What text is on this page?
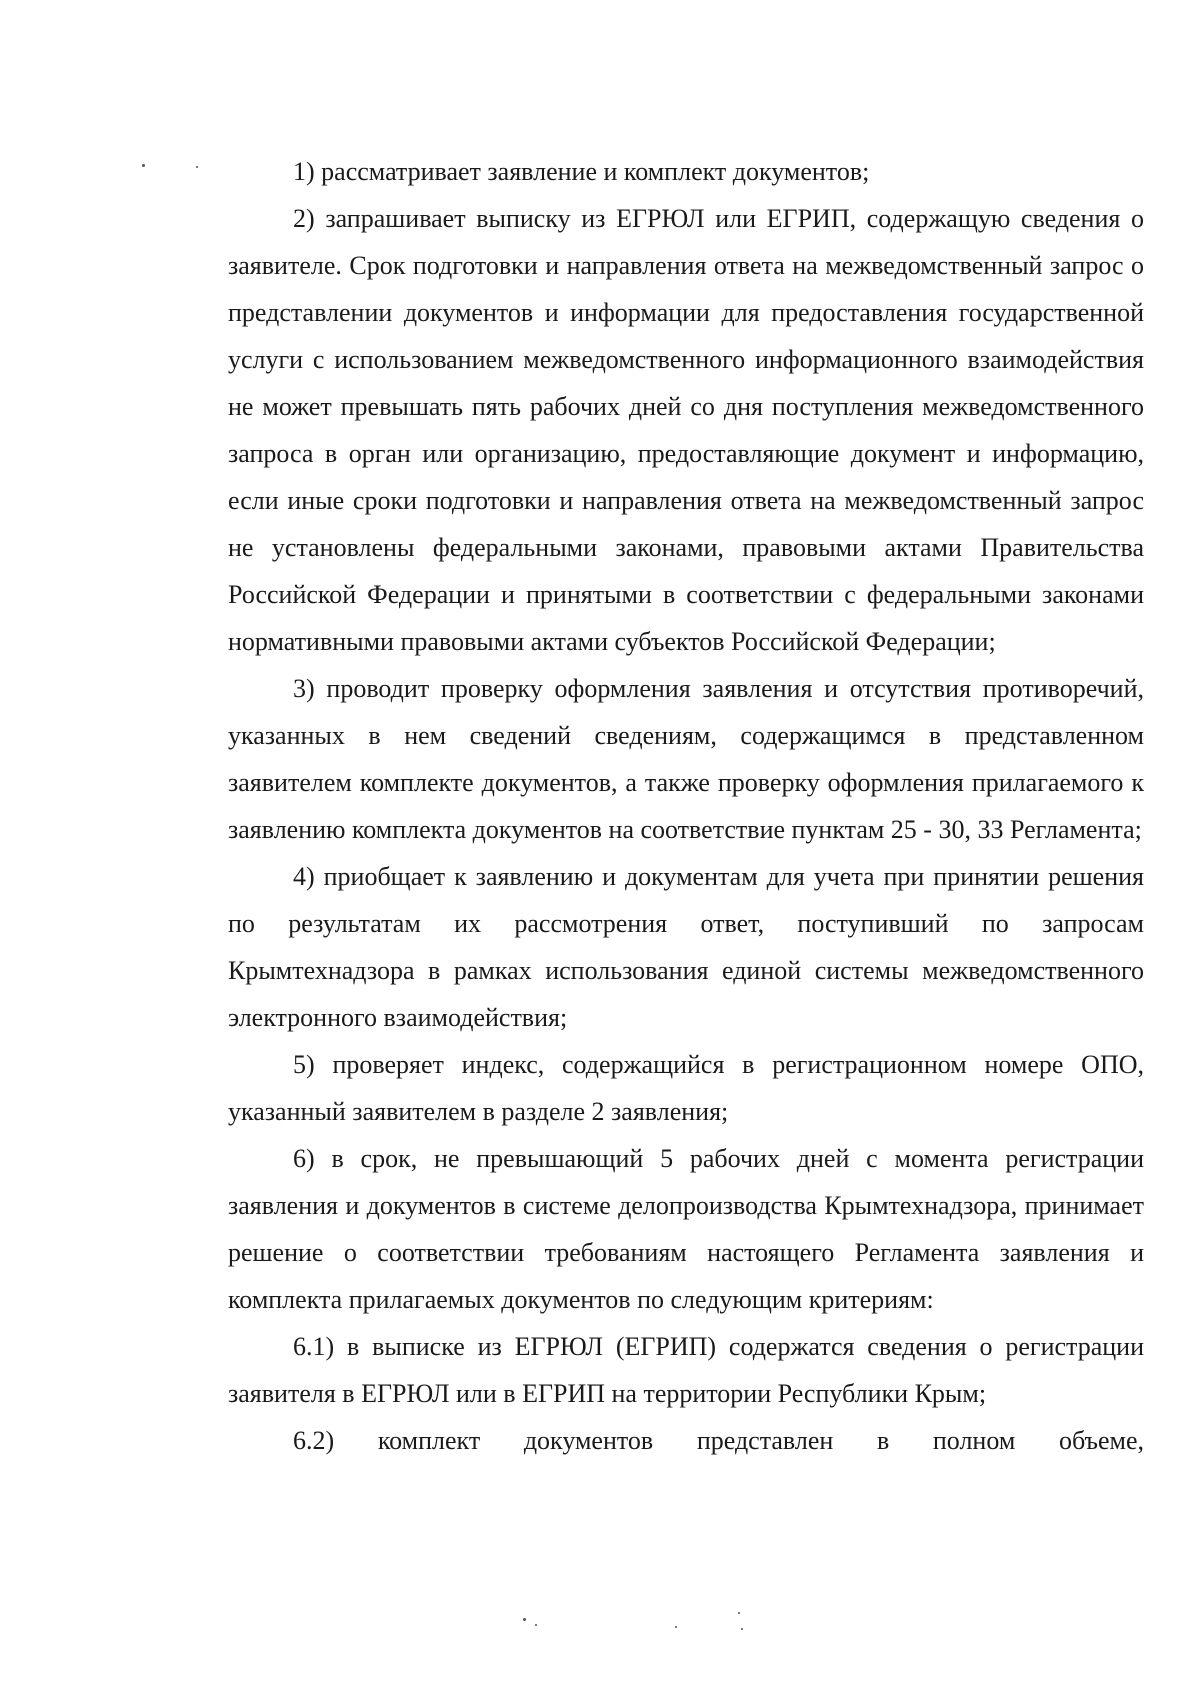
1) рассматривает заявление и комплект документов;

2) запрашивает выписку из ЕГРЮЛ или ЕГРИП, содержащую сведения о заявителе. Срок подготовки и направления ответа на межведомственный запрос о представлении документов и информации для предоставления государственной услуги с использованием межведомственного информационного взаимодействия не может превышать пять рабочих дней со дня поступления межведомственного запроса в орган или организацию, предоставляющие документ и информацию, если иные сроки подготовки и направления ответа на межведомственный запрос не установлены федеральными законами, правовыми актами Правительства Российской Федерации и принятыми в соответствии с федеральными законами нормативными правовыми актами субъектов Российской Федерации;

3) проводит проверку оформления заявления и отсутствия противоречий, указанных в нем сведений сведениям, содержащимся в представленном заявителем комплекте документов, а также проверку оформления прилагаемого к заявлению комплекта документов на соответствие пунктам 25 - 30, 33 Регламента;

4) приобщает к заявлению и документам для учета при принятии решения по результатам их рассмотрения ответ, поступивший по запросам Крымтехнадзора в рамках использования единой системы межведомственного электронного взаимодействия;

5) проверяет индекс, содержащийся в регистрационном номере ОПО, указанный заявителем в разделе 2 заявления;

6) в срок, не превышающий 5 рабочих дней с момента регистрации заявления и документов в системе делопроизводства Крымтехнадзора, принимает решение о соответствии требованиям настоящего Регламента заявления и комплекта прилагаемых документов по следующим критериям:

6.1) в выписке из ЕГРЮЛ (ЕГРИП) содержатся сведения о регистрации заявителя в ЕГРЮЛ или в ЕГРИП на территории Республики Крым;

6.2) комплект документов представлен в полном объеме,
